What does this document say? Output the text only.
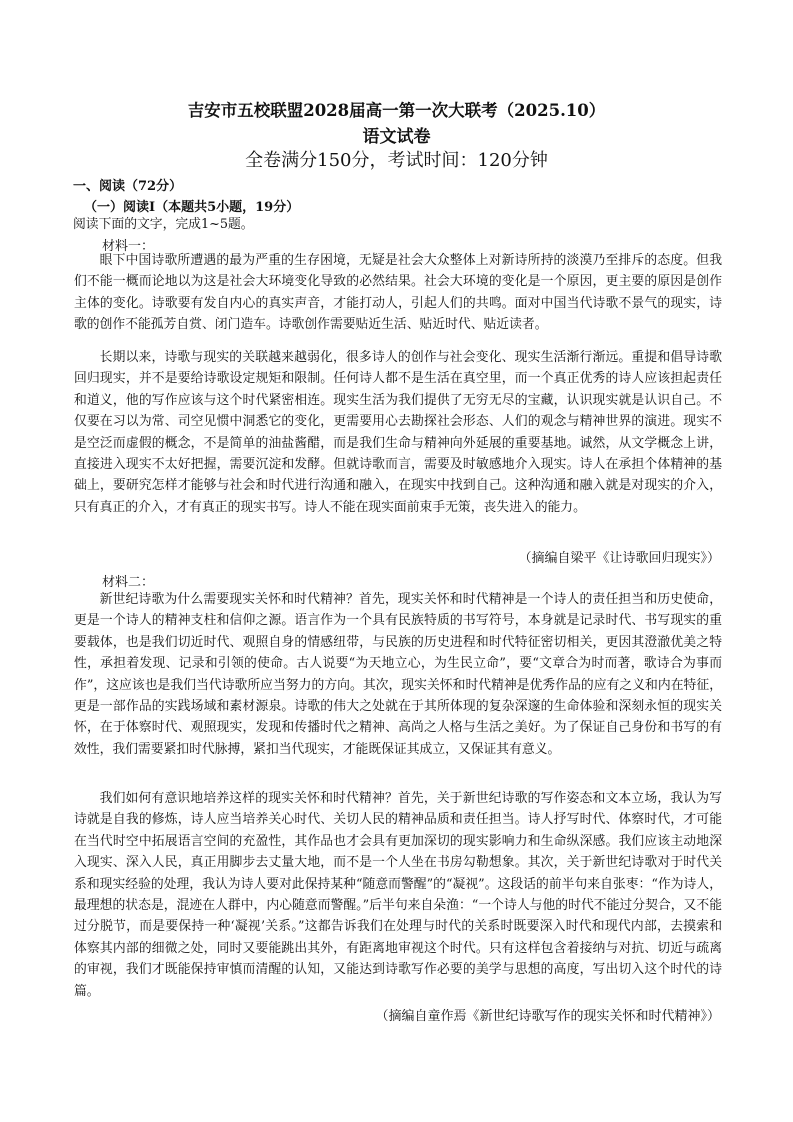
吉安市五校联盟2028届高一第一次大联考（2025.10）
语文试卷
全卷满分150分，考试时间：120分钟
一、阅读（72分）
（一）阅读Ⅰ（本题共5小题，19分）
阅读下面的文字，完成1~5题。
材料一：
眼下中国诗歌所遭遇的最为严重的生存困境，无疑是社会大众整体上对新诗所持的淡漠乃至排斥的态度。但我们不能一概而论地以为这是社会大环境变化导致的必然结果。社会大环境的变化是一个原因，更主要的原因是创作主体的变化。诗歌要有发自内心的真实声音，才能打动人，引起人们的共鸣。面对中国当代诗歌不景气的现实，诗歌的创作不能孤芳自赏、闭门造车。诗歌创作需要贴近生活、贴近时代、贴近读者。
长期以来，诗歌与现实的关联越来越弱化，很多诗人的创作与社会变化、现实生活渐行渐远。重提和倡导诗歌回归现实，并不是要给诗歌设定规矩和限制。任何诗人都不是生活在真空里，而一个真正优秀的诗人应该担起责任和道义，他的写作应该与这个时代紧密相连。现实生活为我们提供了无穷无尽的宝藏，认识现实就是认识自己。不仅要在习以为常、司空见惯中洞悉它的变化，更需要用心去勘探社会形态、人们的观念与精神世界的演进。现实不是空泛而虚假的概念，不是简单的油盐酱醋，而是我们生命与精神向外延展的重要基地。诚然，从文学概念上讲，直接进入现实不太好把握，需要沉淀和发酵。但就诗歌而言，需要及时敏感地介入现实。诗人在承担个体精神的基础上，要研究怎样才能够与社会和时代进行沟通和融入，在现实中找到自己。这种沟通和融入就是对现实的介入，只有真正的介入，才有真正的现实书写。诗人不能在现实面前束手无策，丧失进入的能力。
（摘编自梁平《让诗歌回归现实》）
材料二：
新世纪诗歌为什么需要现实关怀和时代精神？首先，现实关怀和时代精神是一个诗人的责任担当和历史使命，更是一个诗人的精神支柱和信仰之源。语言作为一个具有民族特质的书写符号，本身就是记录时代、书写现实的重要载体，也是我们切近时代、观照自身的情感纽带，与民族的历史进程和时代特征密切相关，更因其澄澈优美之特性，承担着发现、记录和引领的使命。古人说要“为天地立心，为生民立命”，要“文章合为时而著，歌诗合为事而作”，这应该也是我们当代诗歌所应当努力的方向。其次，现实关怀和时代精神是优秀作品的应有之义和内在特征，更是一部作品的实践场域和素材源泉。诗歌的伟大之处就在于其所体现的复杂深邃的生命体验和深刻永恒的现实关怀，在于体察时代、观照现实，发现和传播时代之精神、高尚之人格与生活之美好。为了保证自己身份和书写的有效性，我们需要紧扣时代脉搏，紧扣当代现实，才能既保证其成立，又保证其有意义。
我们如何有意识地培养这样的现实关怀和时代精神？首先，关于新世纪诗歌的写作姿态和文本立场，我认为写诗就是自我的修炼，诗人应当培养关心时代、关切人民的精神品质和责任担当。诗人抒写时代、体察时代，才可能在当代时空中拓展语言空间的充盈性，其作品也才会具有更加深切的现实影响力和生命纵深感。我们应该主动地深入现实、深入人民，真正用脚步去丈量大地，而不是一个人坐在书房勾勒想象。其次，关于新世纪诗歌对于时代关系和现实经验的处理，我认为诗人要对此保持某种“随意而警醒”的“凝视”。这段话的前半句来自张枣：“作为诗人，最理想的状态是，混迹在人群中，内心随意而警醒。”后半句来自朵渔：“一个诗人与他的时代不能过分契合，又不能过分脱节，而是要保持一种‘凝视’关系。”这都告诉我们在处理与时代的关系时既要深入时代和现代内部，去摸索和体察其内部的细微之处，同时又要能跳出其外，有距离地审视这个时代。只有这样包含着接纳与对抗、切近与疏离的审视，我们才既能保持审慎而清醒的认知，又能达到诗歌写作必要的美学与思想的高度，写出切入这个时代的诗篇。
（摘编自童作焉《新世纪诗歌写作的现实关怀和时代精神》）
